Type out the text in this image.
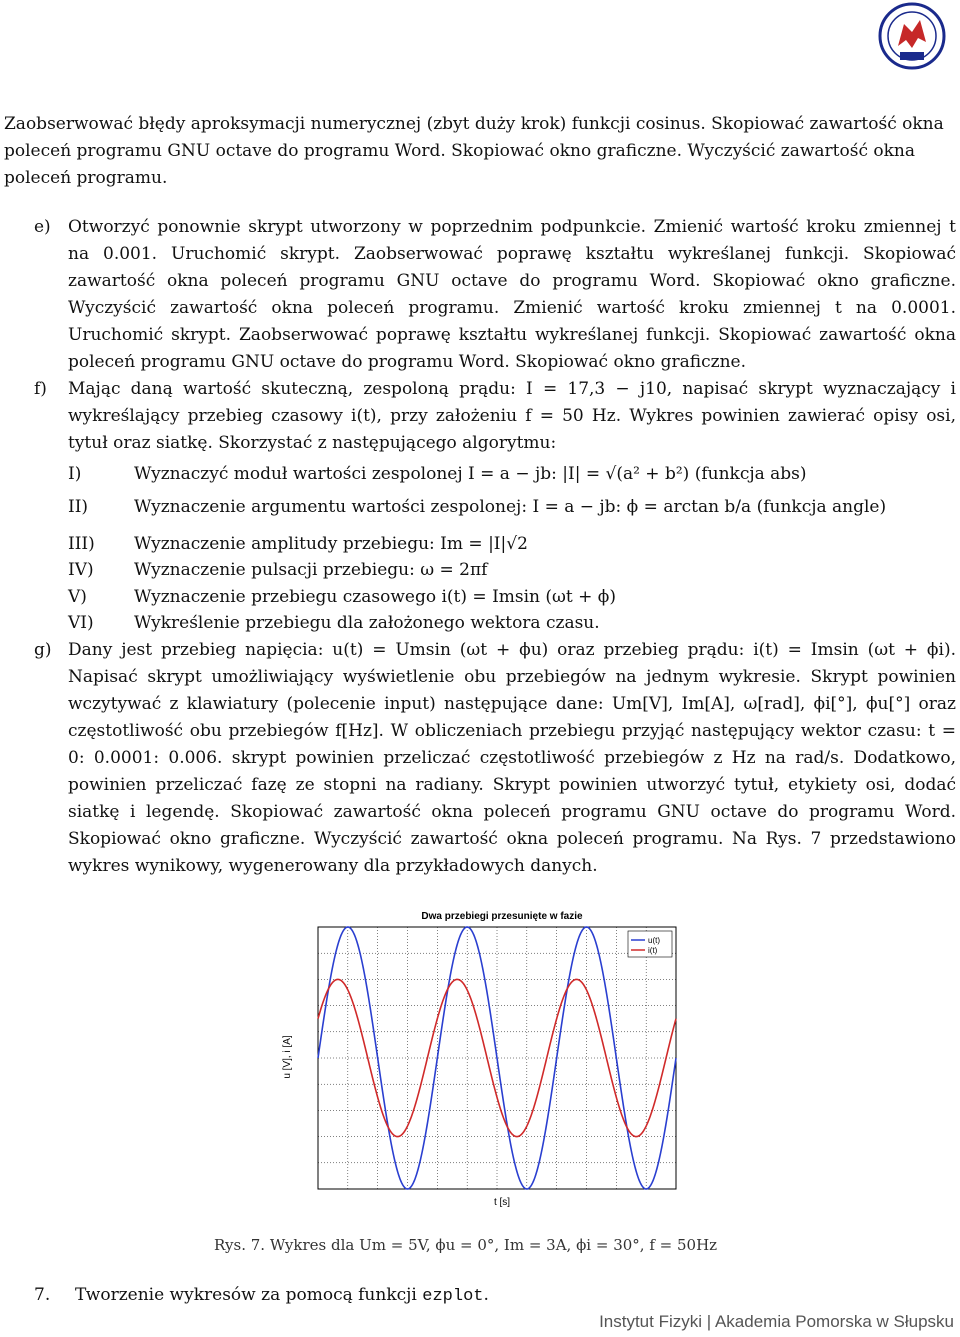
Zaobserwować błędy aproksymacji numerycznej (zbyt duży krok) funkcji cosinus. Skopiować zawartość okna poleceń programu GNU octave do programu Word. Skopiować okno graficzne. Wyczyścić zawartość okna poleceń programu.

e) Otworzyć ponownie skrypt utworzony w poprzednim podpunkcie. Zmienić wartość kroku zmiennej t na 0.001. Uruchomić skrypt. Zaobserwować poprawę kształtu wykreślanej funkcji. Skopiować zawartość okna poleceń programu GNU octave do programu Word. Skopiować okno graficzne. Wyczyścić zawartość okna poleceń programu. Zmienić wartość kroku zmiennej t na 0.0001. Uruchomić skrypt. Zaobserwować poprawę kształtu wykreślanej funkcji. Skopiować zawartość okna poleceń programu GNU octave do programu Word. Skopiować okno graficzne.

f) Mając daną wartość skuteczną, zespoloną prądu: I = 17,3 − j10, napisać skrypt wyznaczający i wykreślający przebieg czasowy i(t), przy założeniu f = 50 Hz. Wykres powinien zawierać opisy osi, tytuł oraz siatkę. Skorzystać z następującego algorytmu:

I)	Wyznaczyć moduł wartości zespolonej I = a − jb: |I| = √(a² + b²) (funkcja abs)
II)	Wyznaczenie argumentu wartości zespolonej: I = a − jb: ϕ = arctan b/a (funkcja angle)
III) Wyznaczenie amplitudy przebiegu: Im = |I|√2
IV) Wyznaczenie pulsacji przebiegu: ω = 2πf
V)	Wyznaczenie przebiegu czasowego i(t) = Imsin (ωt + ϕ)
VI) Wykreślenie przebiegu dla założonego wektora czasu.
g) Dany jest przebieg napięcia: u(t) = Umsin (ωt + ϕu) oraz przebieg prądu: i(t) = Imsin (ωt + ϕi). Napisać skrypt umożliwiający wyświetlenie obu przebiegów na jednym wykresie. Skrypt powinien wczytywać z klawiatury (polecenie input) następujące dane: Um[V], Im[A], ω[rad], ϕi[°], ϕu[°] oraz częstotliwość obu przebiegów f[Hz]. W obliczeniach przebiegu przyjąć następujący wektor czasu: t = 0: 0.0001: 0.006. skrypt powinien przeliczać częstotliwość przebiegów z Hz na rad/s. Dodatkowo, powinien przeliczać fazę ze stopni na radiany. Skrypt powinien utworzyć tytuł, etykiety osi, dodać siatkę i legendę. Skopiować zawartość okna poleceń programu GNU octave do programu Word. Skopiować okno graficzne. Wyczyścić zawartość okna poleceń programu. Na Rys. 7 przedstawiono wykres wynikowy, wygenerowany dla przykładowych danych.

Dwa przebiegi przesunięte w fazie
t [s]
u [V], i [A]
u(t)
i(t)
Rys. 7. Wykres dla Um = 5V, ϕu = 0°, Im = 3A, ϕi = 30°, f = 50Hz
7. Tworzenie wykresów za pomocą funkcji ezplot.
Instytut Fizyki | Akademia Pomorska w Słupsku
